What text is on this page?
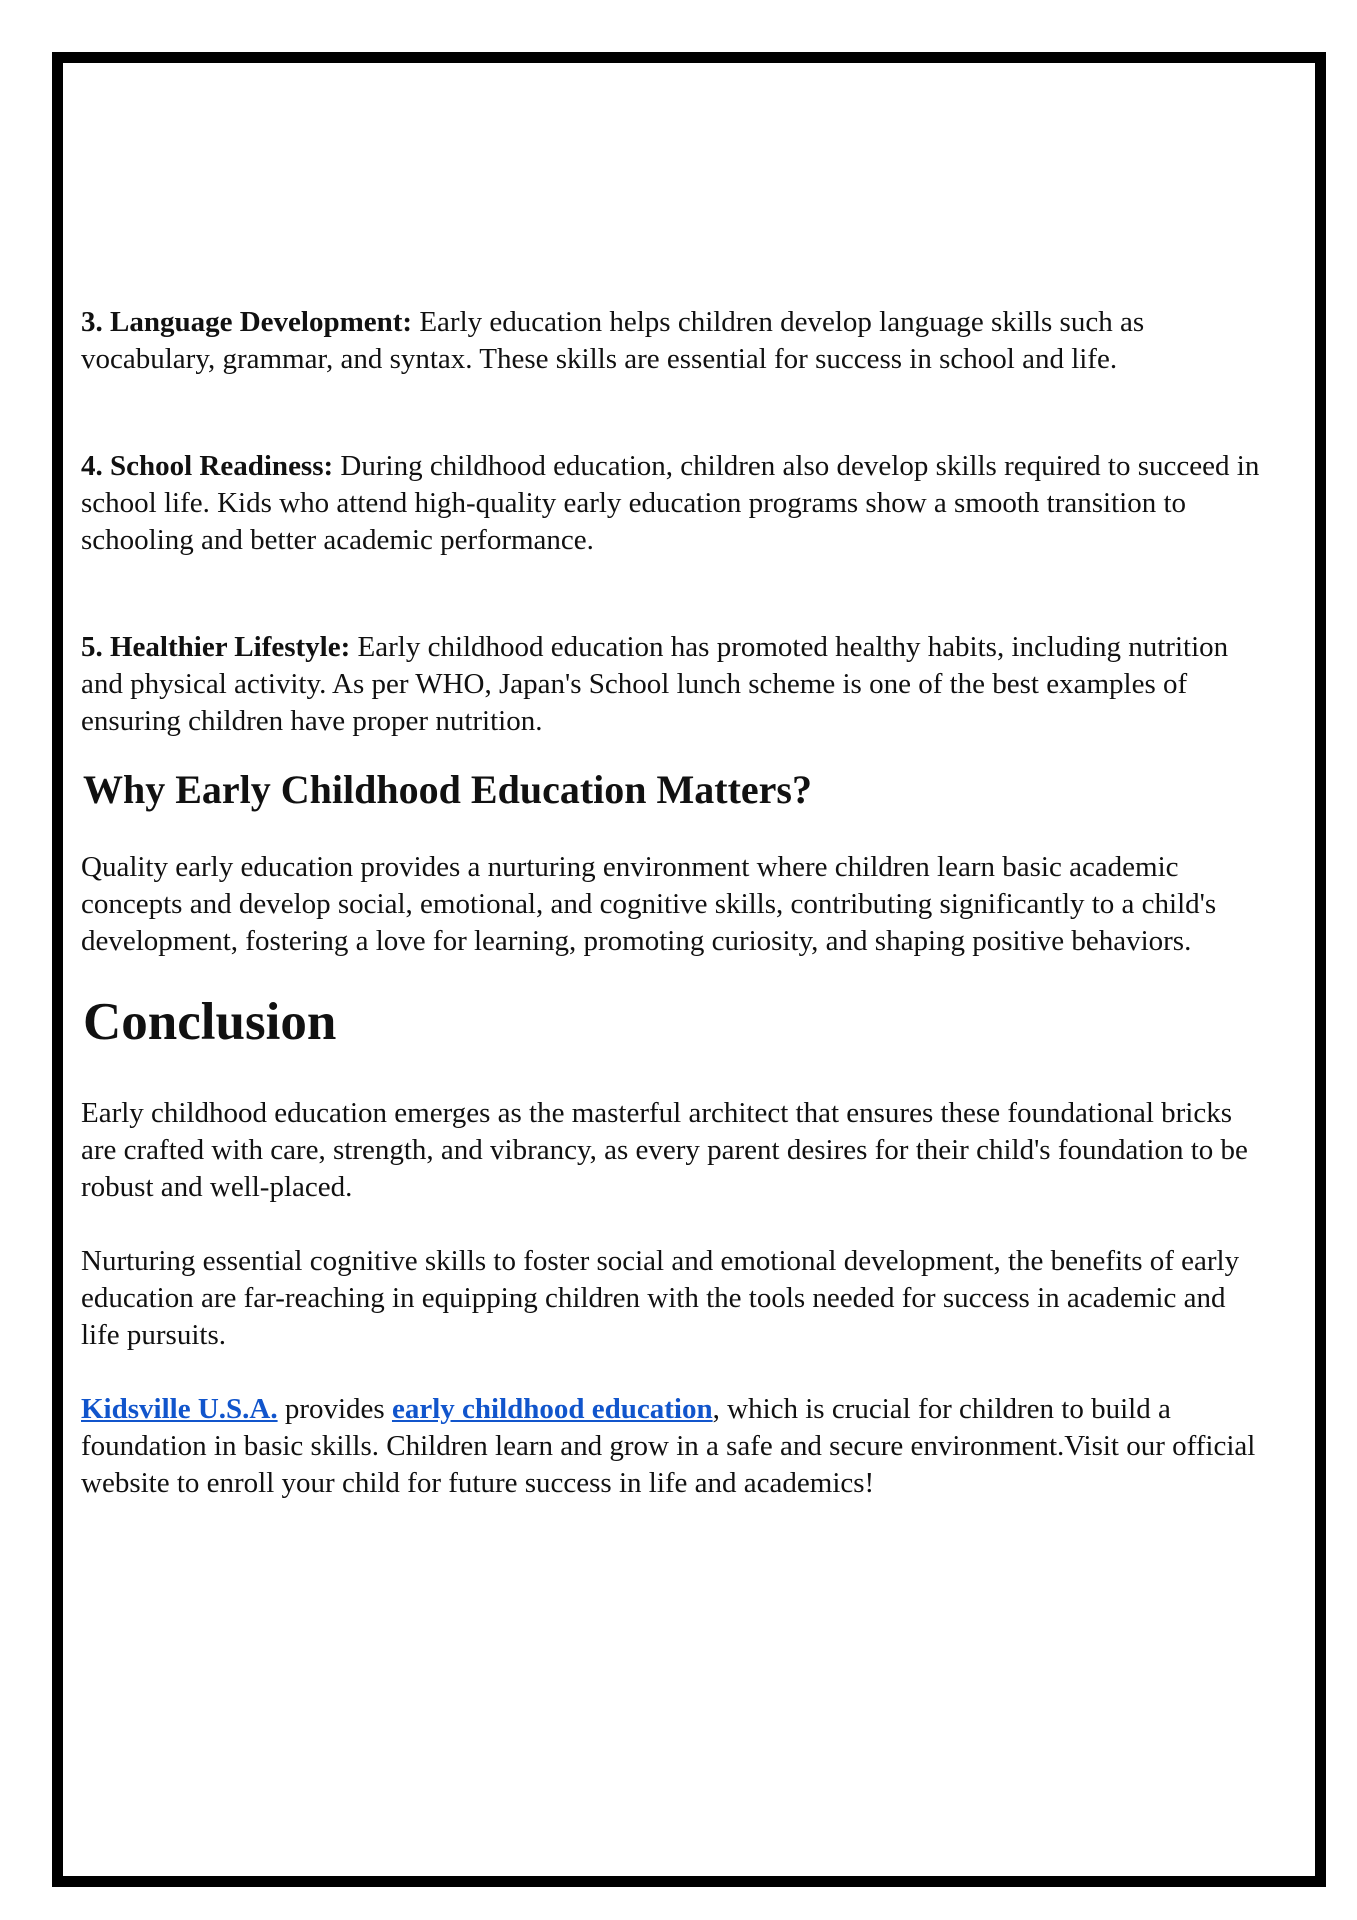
3. Language Development: Early education helps children develop language skills such as vocabulary, grammar, and syntax. These skills are essential for success in school and life.

4. School Readiness: During childhood education, children also develop skills required to succeed in school life. Kids who attend high-quality early education programs show a smooth transition to schooling and better academic performance.

5. Healthier Lifestyle: Early childhood education has promoted healthy habits, including nutrition and physical activity. As per WHO, Japan's School lunch scheme is one of the best examples of ensuring children have proper nutrition.

Why Early Childhood Education Matters?

Quality early education provides a nurturing environment where children learn basic academic concepts and develop social, emotional, and cognitive skills, contributing significantly to a child's development, fostering a love for learning, promoting curiosity, and shaping positive behaviors.

Conclusion

Early childhood education emerges as the masterful architect that ensures these foundational bricks are crafted with care, strength, and vibrancy, as every parent desires for their child's foundation to be robust and well-placed.

Nurturing essential cognitive skills to foster social and emotional development, the benefits of early education are far-reaching in equipping children with the tools needed for success in academic and life pursuits.

Kidsville U.S.A. provides early childhood education, which is crucial for children to build a foundation in basic skills. Children learn and grow in a safe and secure environment.Visit our official website to enroll your child for future success in life and academics!
